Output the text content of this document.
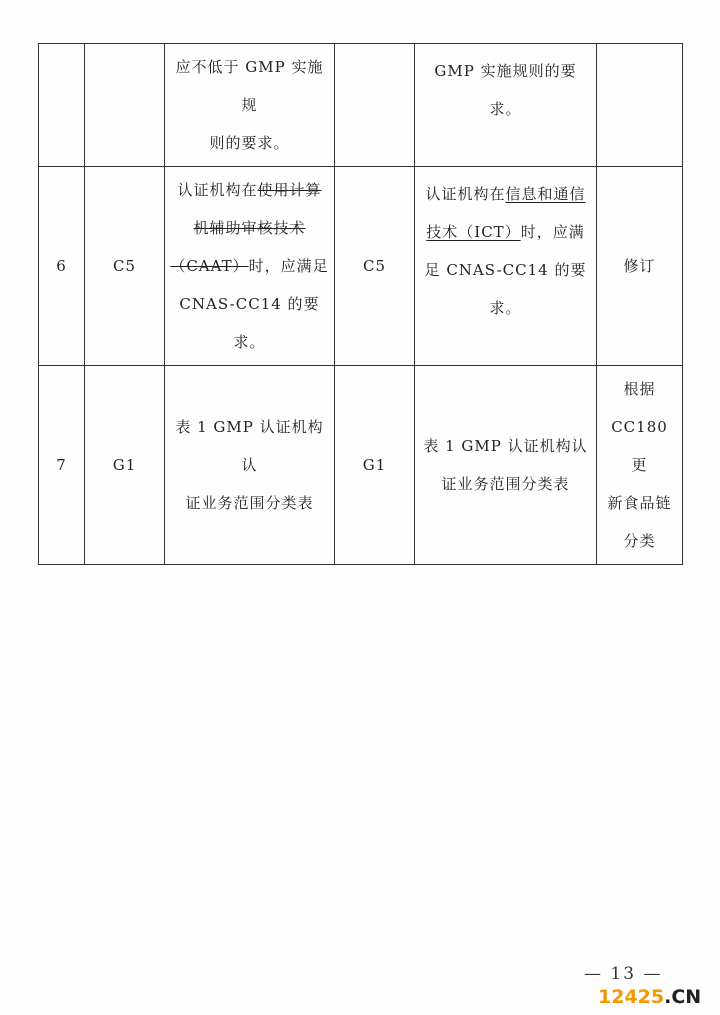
		应不低于 GMP 实施规
则的要求。		GMP 实施规则的要求。	

6	C5	认证机构在使用计算
机辅助审核技术
（CAAT）时，应满足
CNAS-CC14 的要求。	C5	认证机构在信息和通信
技术（ICT）时，应满
足 CNAS-CC14 的要求。	修订
7	G1	表 1 GMP 认证机构认
证业务范围分类表	G1	表 1 GMP 认证机构认
证业务范围分类表	根据
CC180 更
新食品链
分类
— 13 —
12425.CN
